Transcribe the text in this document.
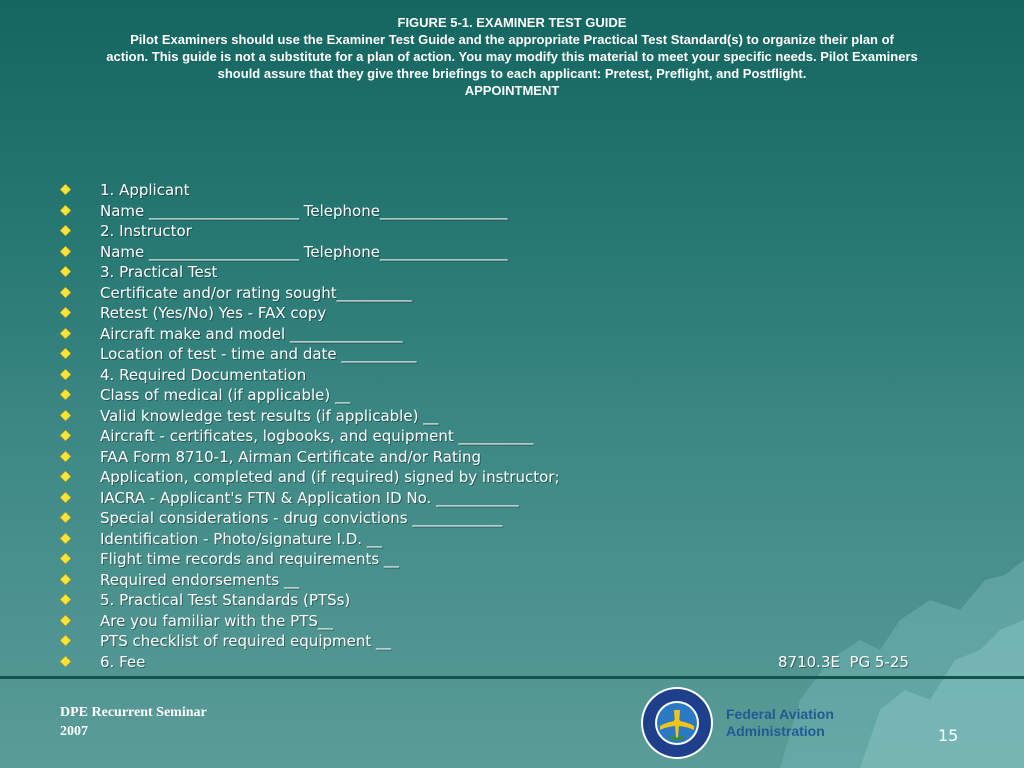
FIGURE 5-1. EXAMINER TEST GUIDE
Pilot Examiners should use the Examiner Test Guide and the appropriate Practical Test Standard(s) to organize their plan of
action. This guide is not a substitute for a plan of action. You may modify this material to meet your specific needs. Pilot Examiners
should assure that they give three briefings to each applicant: Pretest, Preflight, and Postflight.
APPOINTMENT
1. Applicant
Name ____________________ Telephone_________________
2. Instructor
Name ____________________ Telephone_________________
3. Practical Test
Certificate and/or rating sought__________
Retest (Yes/No) Yes - FAX copy
Aircraft make and model _______________
Location of test - time and date __________
4. Required Documentation
Class of medical (if applicable) __
Valid knowledge test results (if applicable) __
Aircraft - certificates, logbooks, and equipment __________
FAA Form 8710-1, Airman Certificate and/or Rating
Application, completed and (if required) signed by instructor;
IACRA - Applicant's FTN & Application ID No. ___________
Special considerations - drug convictions ____________
Identification - Photo/signature I.D. __
Flight time records and requirements __
Required endorsements __
5. Practical Test Standards (PTSs)
Are you familiar with the PTS__
PTS checklist of required equipment __
6. Fee	8710.3E  PG 5-25
DPE Recurrent Seminar
2007
Federal Aviation
Administration	15
